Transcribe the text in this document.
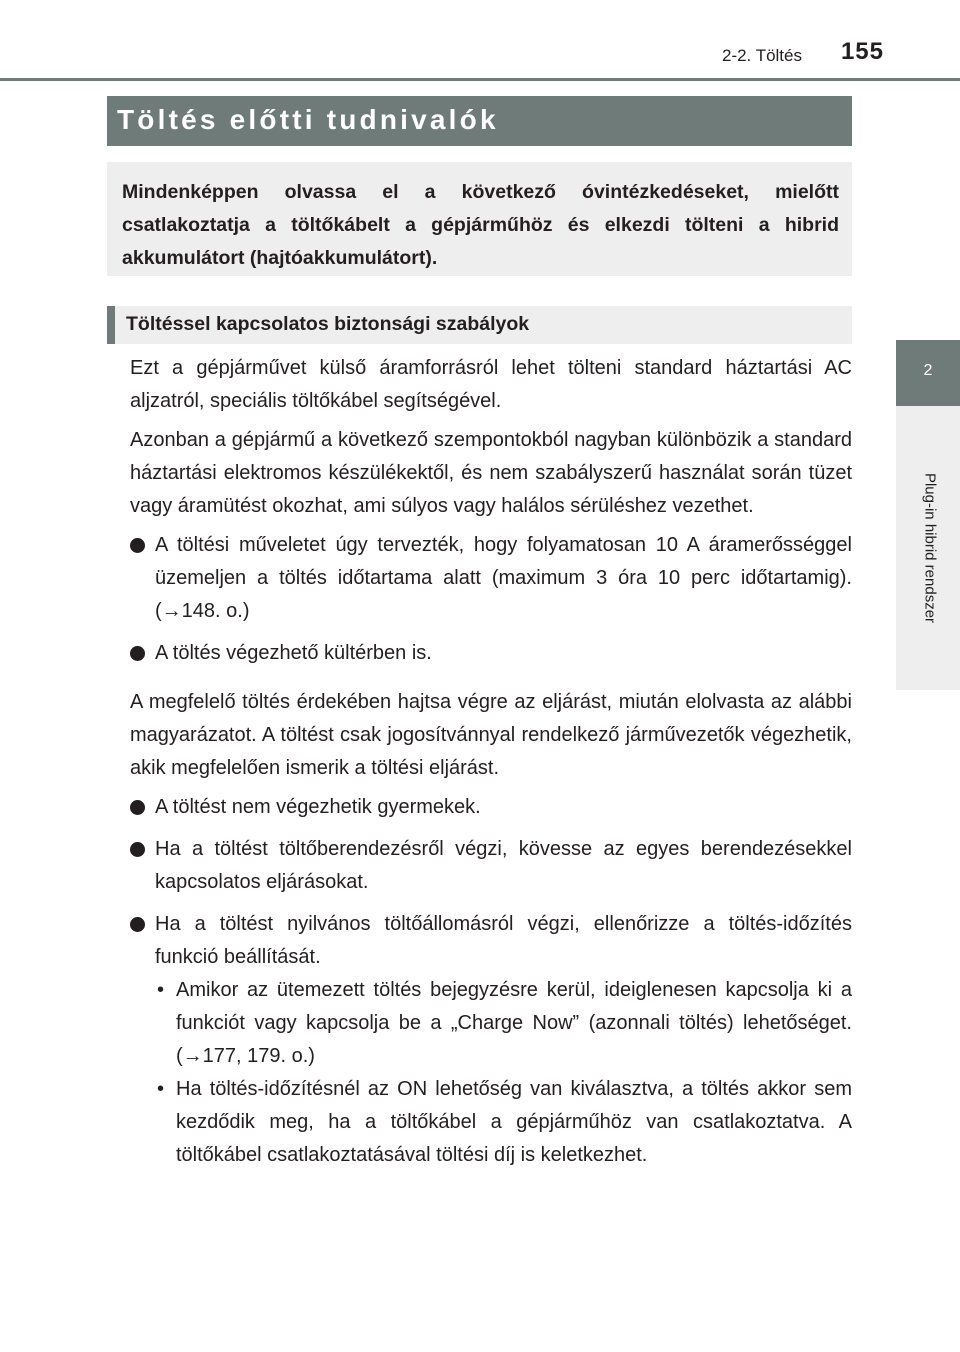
2-2. Töltés	155
Töltés előtti tudnivalók

Mindenképpen olvassa el a következő óvintézkedéseket, mielőtt csatlakoztatja a töltőkábelt a gépjárműhöz és elkezdi tölteni a hibrid akkumulátort (hajtóakkumulátort).

Töltéssel kapcsolatos biztonsági szabályok
2
Plug-in hibrid rendszer

Ezt a gépjárművet külső áramforrásról lehet tölteni standard háztartási AC aljzatról, speciális töltőkábel segítségével.

Azonban a gépjármű a következő szempontokból nagyban különbözik a standard háztartási elektromos készülékektől, és nem szabályszerű használat során tüzet vagy áramütést okozhat, ami súlyos vagy halálos sérüléshez vezethet.

A töltési műveletet úgy tervezték, hogy folyamatosan 10 A áramerősséggel üzemeljen a töltés időtartama alatt (maximum 3 óra 10 perc időtartamig). (→148. o.)
A töltés végezhető kültérben is.

A megfelelő töltés érdekében hajtsa végre az eljárást, miután elolvasta az alábbi magyarázatot. A töltést csak jogosítvánnyal rendelkező járművezetők végezhetik, akik megfelelően ismerik a töltési eljárást.

A töltést nem végezhetik gyermekek.
Ha a töltést töltőberendezésről végzi, kövesse az egyes berendezésekkel kapcsolatos eljárásokat.
Ha a töltést nyilvános töltőállomásról végzi, ellenőrizze a töltés-időzítés funkció beállítását.
• Amikor az ütemezett töltés bejegyzésre kerül, ideiglenesen kapcsolja ki a funkciót vagy kapcsolja be a „Charge Now” (azonnali töltés) lehetőséget. (→177, 179. o.)
• Ha töltés-időzítésnél az ON lehetőség van kiválasztva, a töltés akkor sem kezdődik meg, ha a töltőkábel a gépjárműhöz van csatlakoztatva. A töltőkábel csatlakoztatásával töltési díj is keletkezhet.
